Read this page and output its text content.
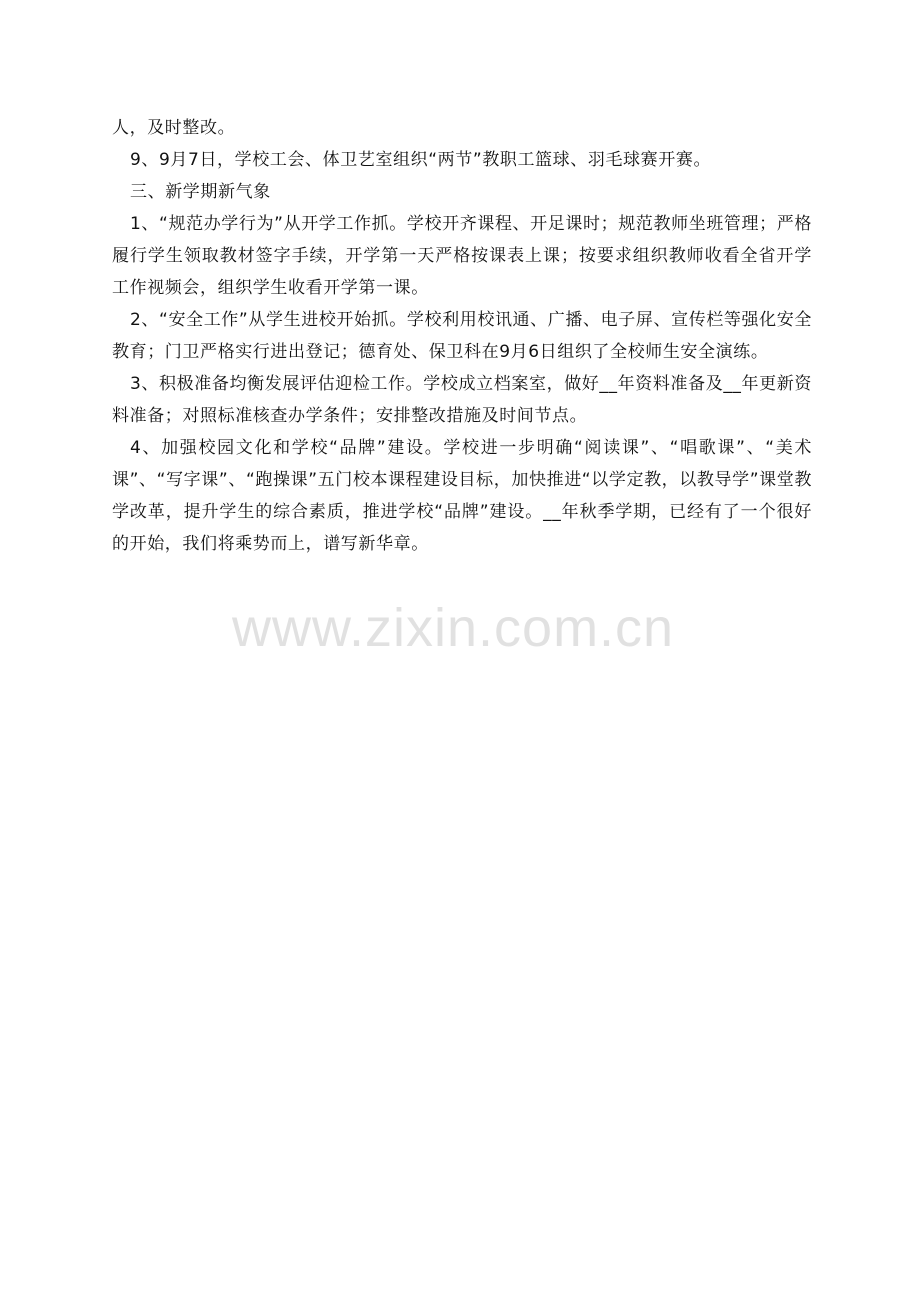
人，及时整改。

9、9月7日，学校工会、体卫艺室组织“两节”教职工篮球、羽毛球赛开赛。

三、新学期新气象

1、“规范办学行为”从开学工作抓。学校开齐课程、开足课时；规范教师坐班管理；严格履行学生领取教材签字手续，开学第一天严格按课表上课；按要求组织教师收看全省开学工作视频会，组织学生收看开学第一课。

2、“安全工作”从学生进校开始抓。学校利用校讯通、广播、电子屏、宣传栏等强化安全教育；门卫严格实行进出登记；德育处、保卫科在9月6日组织了全校师生安全演练。

3、积极准备均衡发展评估迎检工作。学校成立档案室，做好__年资料准备及__年更新资料准备；对照标准核查办学条件；安排整改措施及时间节点。

4、加强校园文化和学校“品牌”建设。学校进一步明确“阅读课”、“唱歌课”、“美术课”、“写字课”、“跑操课”五门校本课程建设目标，加快推进“以学定教，以教导学”课堂教学改革，提升学生的综合素质，推进学校“品牌”建设。__年秋季学期，已经有了一个很好的开始，我们将乘势而上，谱写新华章。

www.zixin.com.cn
